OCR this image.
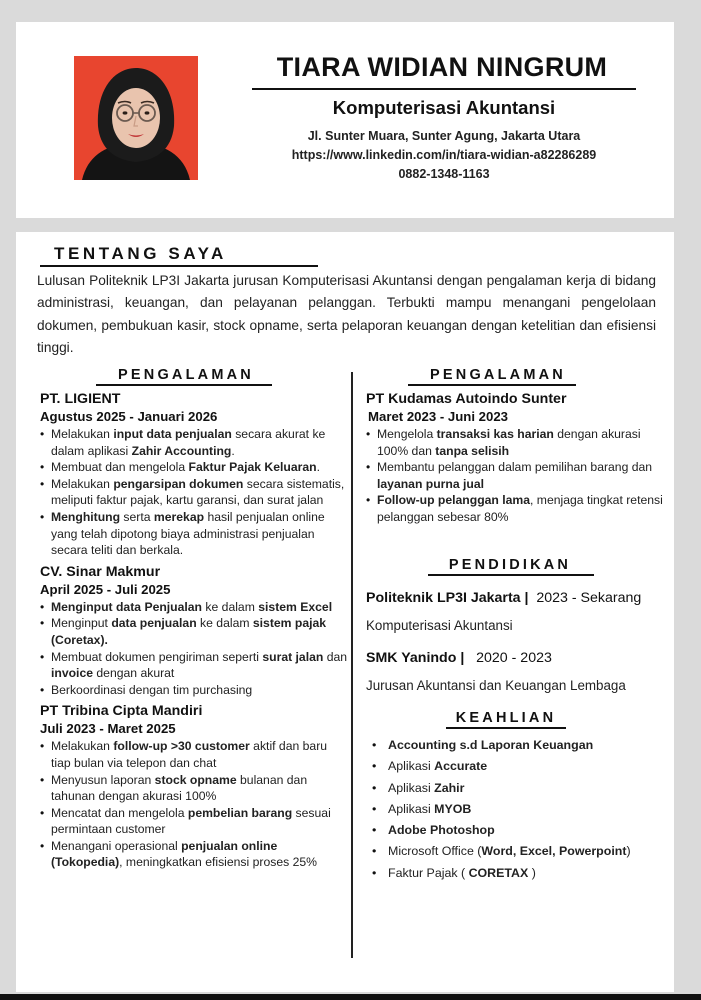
TIARA WIDIAN NINGRUM
Komputerisasi Akuntansi
Jl. Sunter Muara, Sunter Agung, Jakarta Utara
https://www.linkedin.com/in/tiara-widian-a82286289
0882-1348-1163
TENTANG SAYA
Lulusan Politeknik LP3I Jakarta jurusan Komputerisasi Akuntansi dengan pengalaman kerja di bidang administrasi, keuangan, dan pelayanan pelanggan. Terbukti mampu menangani pengelolaan dokumen, pembukuan kasir, stock opname, serta pelaporan keuangan dengan ketelitian dan efisiensi tinggi.
PENGALAMAN	PENGALAMAN
PT. LIGIENT
Agustus 2025 - Januari 2026
• Melakukan input data penjualan secara akurat ke dalam aplikasi Zahir Accounting.
• Membuat dan mengelola Faktur Pajak Keluaran.
• Melakukan pengarsipan dokumen secara sistematis, meliputi faktur pajak, kartu garansi, dan surat jalan
• Menghitung serta merekap hasil penjualan online yang telah dipotong biaya administrasi penjualan secara teliti dan berkala.
CV. Sinar Makmur
April 2025 - Juli 2025
• Menginput data Penjualan ke dalam sistem Excel
• Menginput data penjualan ke dalam sistem pajak (Coretax).
• Membuat dokumen pengiriman seperti surat jalan dan invoice dengan akurat
• Berkoordinasi dengan tim purchasing
PT Tribina Cipta Mandiri
Juli 2023 - Maret 2025
• Melakukan follow-up >30 customer aktif dan baru tiap bulan via telepon dan chat
• Menyusun laporan stock opname bulanan dan tahunan dengan akurasi 100%
• Mencatat dan mengelola pembelian barang sesuai permintaan customer
• Menangani operasional penjualan online (Tokopedia), meningkatkan efisiensi proses 25%
PT Kudamas Autoindo Sunter
Maret 2023 - Juni 2023
• Mengelola transaksi kas harian dengan akurasi 100% dan tanpa selisih
• Membantu pelanggan dalam pemilihan barang dan layanan purna jual
• Follow-up pelanggan lama, menjaga tingkat retensi pelanggan sebesar 80%
PENDIDIKAN
Politeknik LP3I Jakarta |  2023 - Sekarang
Komputerisasi Akuntansi
SMK Yanindo |   2020 - 2023
Jurusan Akuntansi dan Keuangan Lembaga
KEAHLIAN
• Accounting s.d Laporan Keuangan
• Aplikasi Accurate
• Aplikasi Zahir
• Aplikasi MYOB
• Adobe Photoshop
• Microsoft Office (Word, Excel, Powerpoint)
• Faktur Pajak ( CORETAX )
